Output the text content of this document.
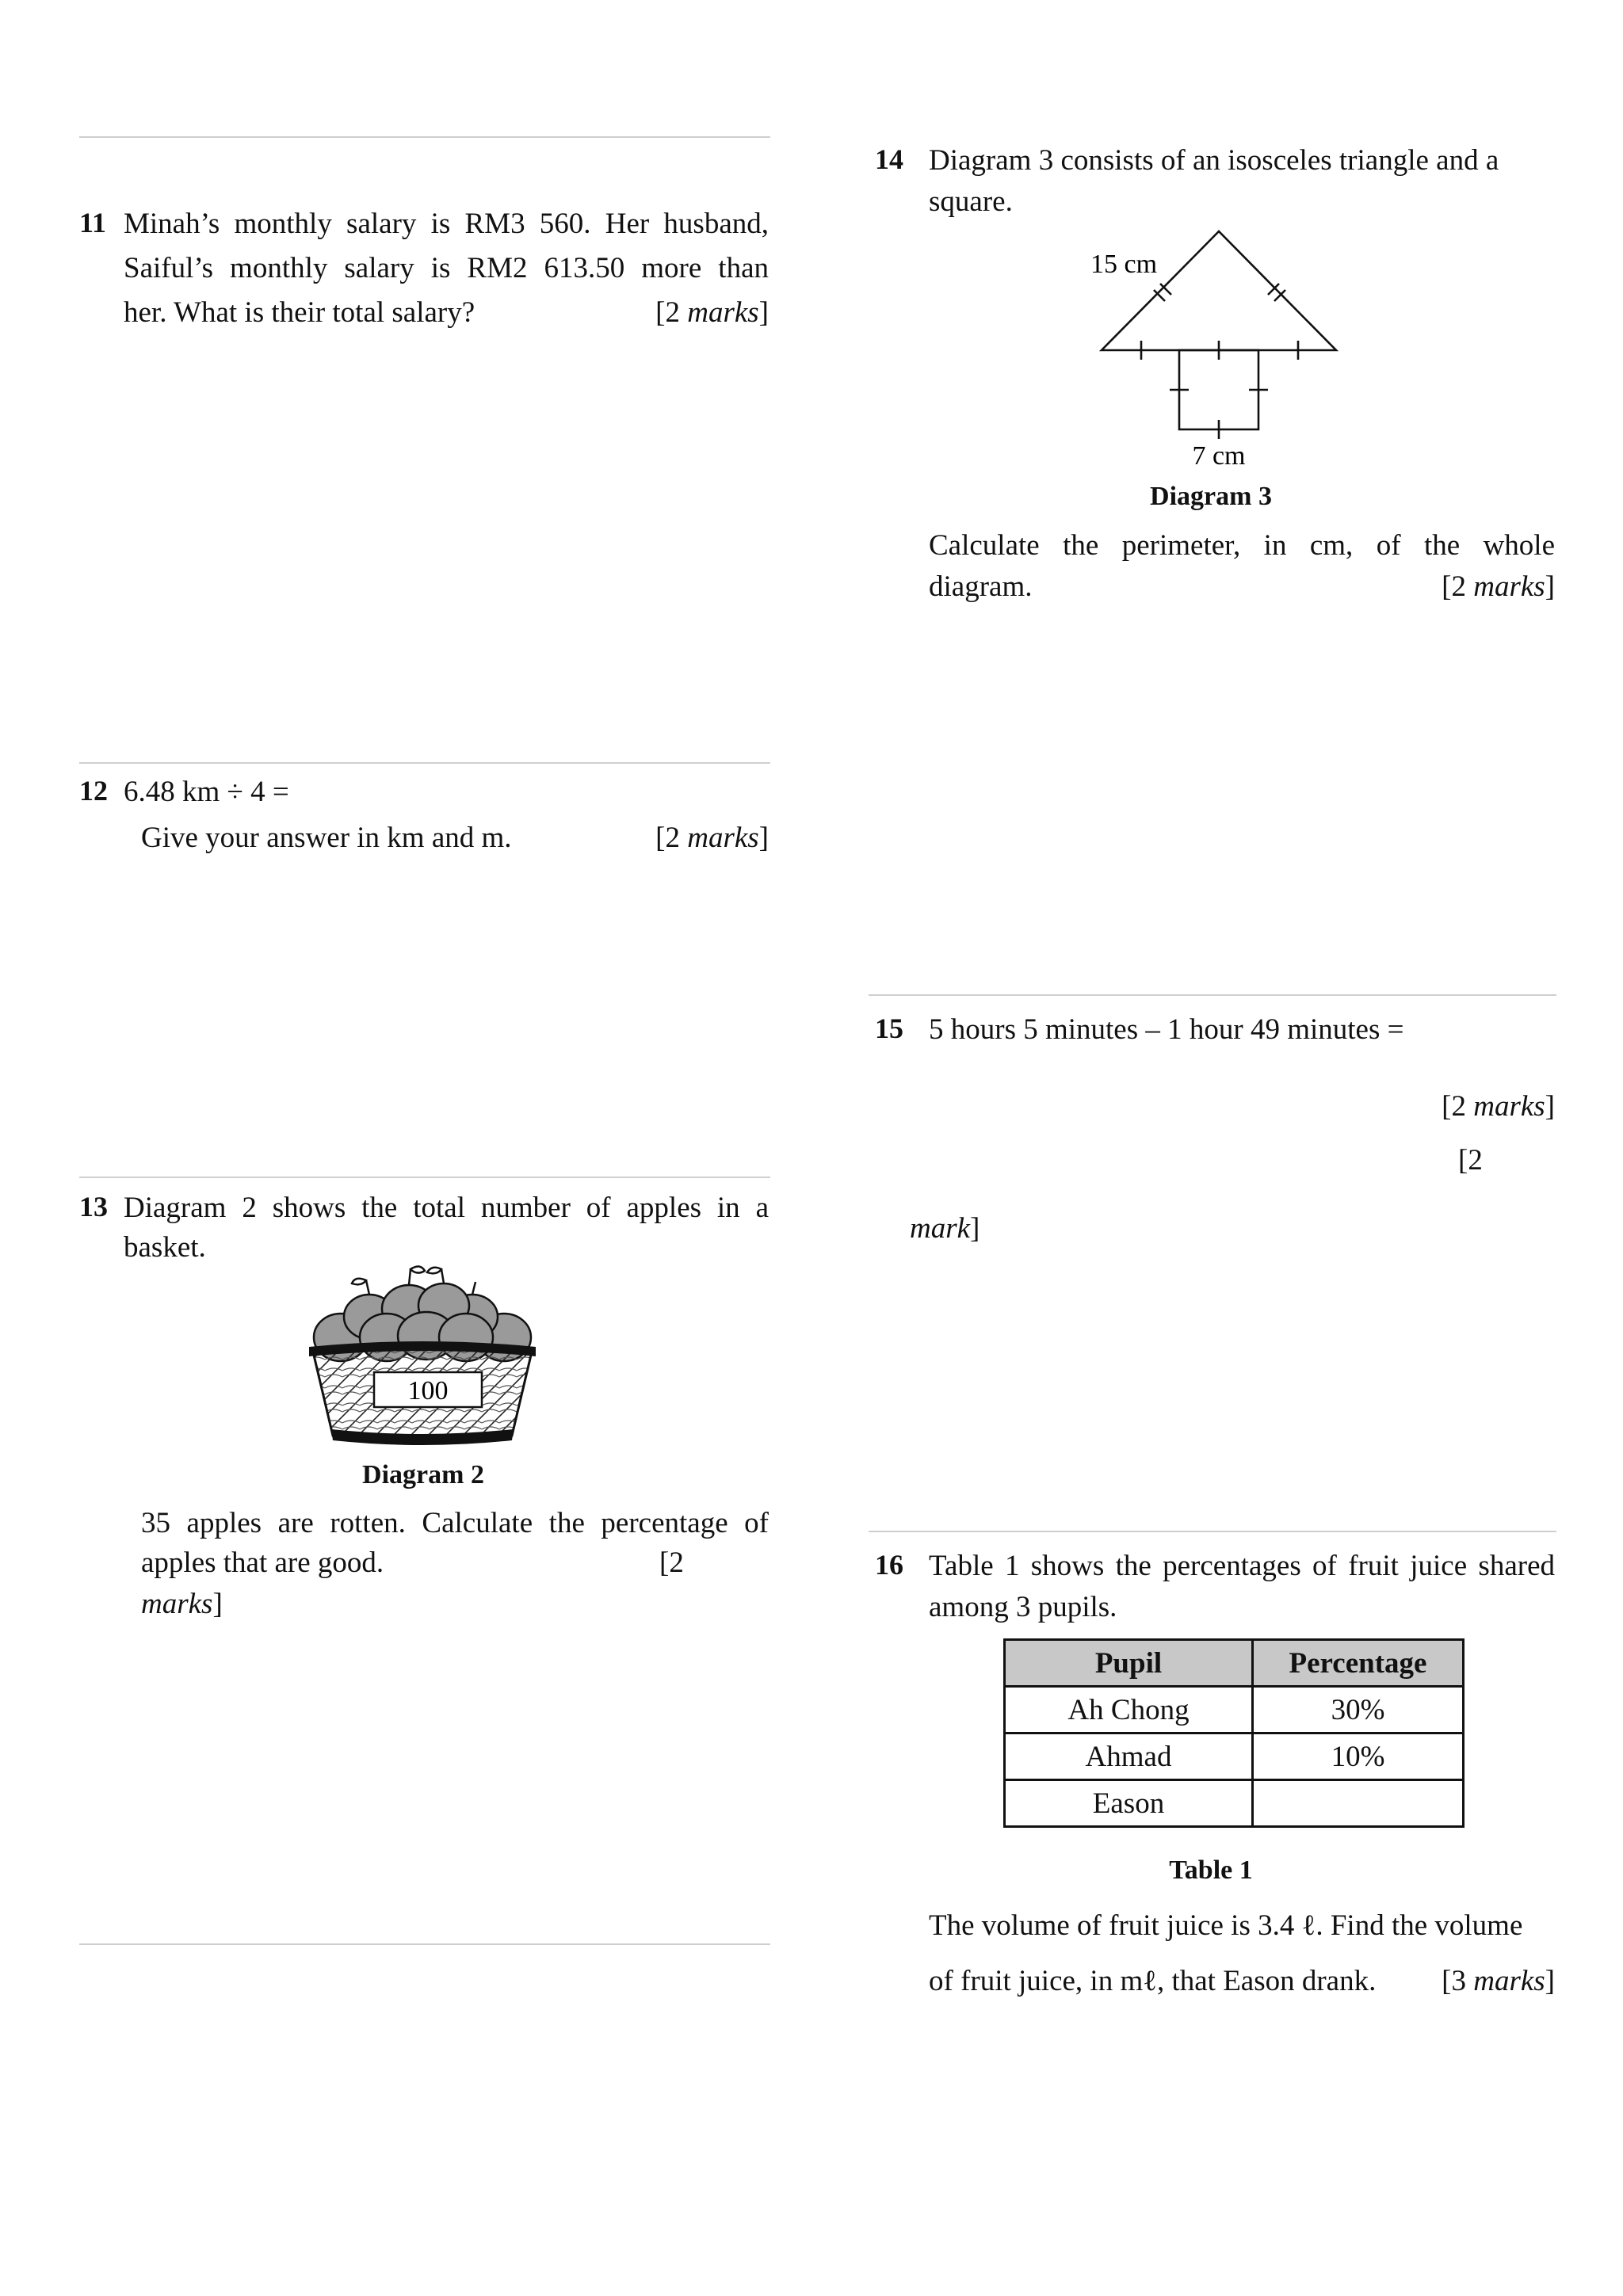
11 Minah’s monthly salary is RM3 560. Her husband,
Saiful’s monthly salary is RM2 613.50 more than
her. What is their total salary?	[2 marks]
12 6.48 km ÷ 4 =
Give your answer in km and m.	[2 marks]
13 Diagram 2 shows the total number of apples in a
basket.
100
Diagram 2
35 apples are rotten. Calculate the percentage of
apples that are good.	[2
marks]
14 Diagram 3 consists of an isosceles triangle and a
square.
15 cm
7 cm
Diagram 3
Calculate the perimeter, in cm, of the whole
diagram.	[2 marks]
15 5 hours 5 minutes – 1 hour 49 minutes =
[2 marks]
[2
mark]
16 Table 1 shows the percentages of fruit juice shared
among 3 pupils.
Pupil	Percentage
Ah Chong	30%
Ahmad	10%
Eason	
Table 1
The volume of fruit juice is 3.4 ℓ. Find the volume
of fruit juice, in mℓ, that Eason drank. [3 marks]
